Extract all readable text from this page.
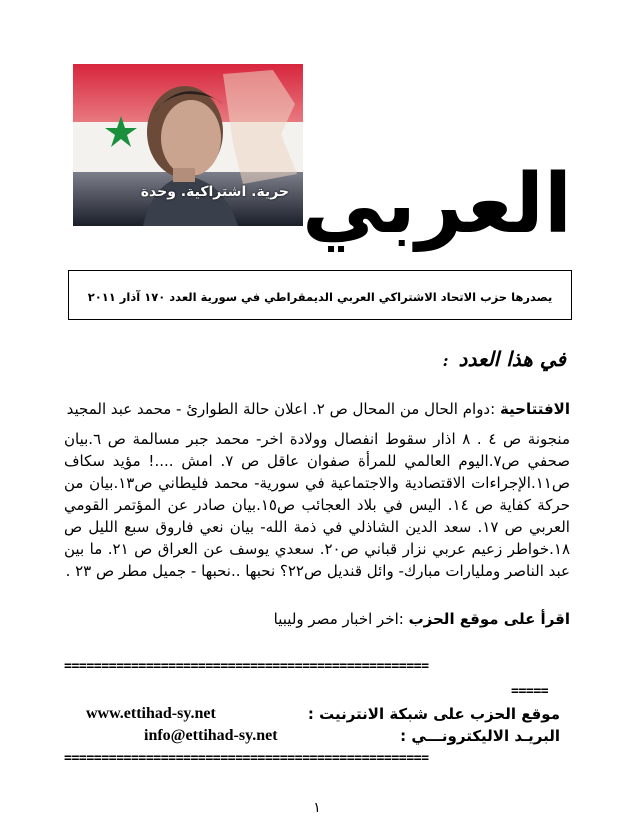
حرية. اشتراكية. وحدة العربي
يصدرها حزب الاتحاد الاشتراكي العربي الديمقراطي في سورية العدد ١٧٠ آذار ٢٠١١
في هذا العدد :
الافتتاحية :دوام الحال من المحال ص ٢. اعلان حالة الطوارئ - محمد عبد المجيد
منجونة ص ٤ . ٨ اذار سقوط انفصال وولادة اخر- محمد جبر مسالمة ص ٦.بيان صحفي ص٧.اليوم العالمي للمرأة صفوان عاقل ص ٧. امش ....! مؤيد سكاف ص١١.الإجراءات الاقتصادية والاجتماعية في سورية- محمد فليطاني ص١٣.بيان من حركة كفاية ص ١٤. اليس في بلاد العجائب ص١٥.بيان صادر عن المؤتمر القومي العربي ص ١٧. سعد الدين الشاذلي في ذمة الله- بيان نعي فاروق سبع الليل ص ١٨.خواطر زعيم عربي نزار قباني ص٢٠. سعدي يوسف عن العراق ص ٢١. ما بين عبد الناصر ومليارات مبارك- وائل قنديل ص٢٢؟ نحبها ..نحبها - جميل مطر ص ٢٣ .
اقرأ على موقع الحزب :اخر اخبار مصر وليبيا
=================================================
=====
موقع الحزب على شبكة الانترنيت :
www.ettihad-sy.net
البريـد الاليكترونـــي :
info@ettihad-sy.net
=================================================
١
